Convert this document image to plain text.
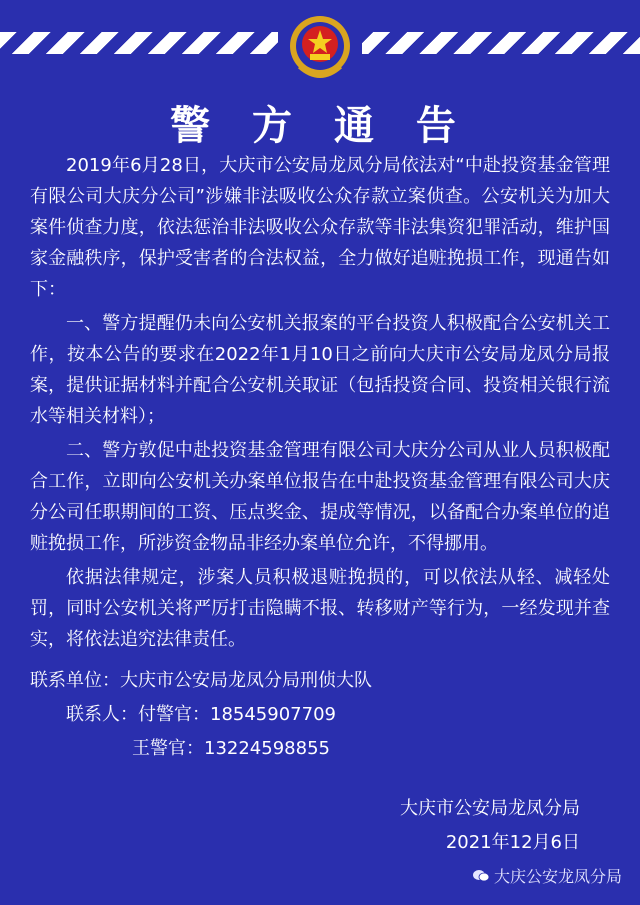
警 方 通 告

2019年6月28日，大庆市公安局龙凤分局依法对“中赴投资基金管理有限公司大庆分公司”涉嫌非法吸收公众存款立案侦查。公安机关为加大案件侦查力度，依法惩治非法吸收公众存款等非法集资犯罪活动，维护国家金融秩序，保护受害者的合法权益，全力做好追赃挽损工作，现通告如下：

一、警方提醒仍未向公安机关报案的平台投资人积极配合公安机关工作，按本公告的要求在2022年1月10日之前向大庆市公安局龙凤分局报案，提供证据材料并配合公安机关取证（包括投资合同、投资相关银行流水等相关材料）；

二、警方敦促中赴投资基金管理有限公司大庆分公司从业人员积极配合工作，立即向公安机关办案单位报告在中赴投资基金管理有限公司大庆分公司任职期间的工资、压点奖金、提成等情况，以备配合办案单位的追赃挽损工作，所涉资金物品非经办案单位允许，不得挪用。

依据法律规定，涉案人员积极退赃挽损的，可以依法从轻、减轻处罚，同时公安机关将严厉打击隐瞒不报、转移财产等行为，一经发现并查实，将依法追究法律责任。

联系单位：大庆市公安局龙凤分局刑侦大队
联系人：付警官：18545907709
王警官：13224598855
大庆市公安局龙凤分局
2021年12月6日
大庆公安龙凤分局
